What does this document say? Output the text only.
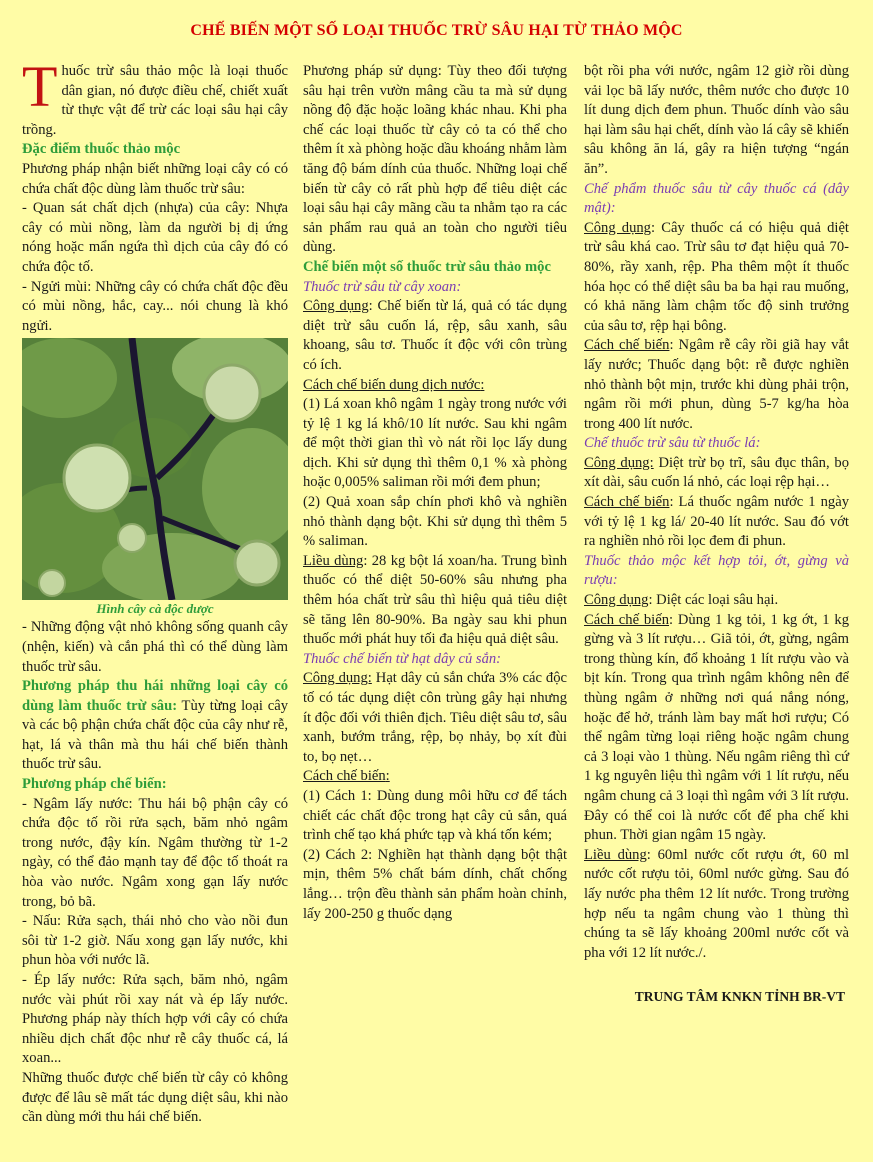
CHẾ BIẾN MỘT SỐ LOẠI THUỐC TRỪ SÂU HẠI TỪ THẢO MỘC

Thuốc trừ sâu thảo mộc là loại thuốc dân gian, nó được điều chế, chiết xuất từ thực vật để trừ các loại sâu hại cây trồng.

Đặc điểm thuốc thảo mộc

Phương pháp nhận biết những loại cây có có chứa chất độc dùng làm thuốc trừ sâu:

- Quan sát chất dịch (nhựa) của cây: Nhựa cây có mùi nồng, làm da người bị dị ứng nóng hoặc mẩn ngứa thì dịch của cây đó có chứa độc tố.

- Ngửi mùi: Những cây có chứa chất độc đều có mùi nồng, hắc, cay... nói chung là khó ngửi.

Hình cây cà độc dược

- Những động vật nhỏ không sống quanh cây (nhện, kiến) và cắn phá thì có thể dùng làm thuốc trừ sâu.

Phương pháp thu hái những loại cây có dùng làm thuốc trừ sâu: Tùy từng loại cây và các bộ phận chứa chất độc của cây như rễ, hạt, lá và thân mà thu hái chế biến thành thuốc trừ sâu.

Phương pháp chế biến:

- Ngâm lấy nước: Thu hái bộ phận cây có chứa độc tố rồi rửa sạch, băm nhỏ ngâm trong nước, đậy kín. Ngâm thường từ 1-2 ngày, có thể đảo mạnh tay để độc tố thoát ra hòa vào nước. Ngâm xong gạn lấy nước trong, bỏ bã.

- Nấu: Rửa sạch, thái nhỏ cho vào nồi đun sôi từ 1-2 giờ. Nấu xong gạn lấy nước, khi phun hòa với nước lã.

- Ép lấy nước: Rửa sạch, băm nhỏ, ngâm nước vài phút rồi xay nát và ép lấy nước. Phương pháp này thích hợp với cây có chứa nhiều dịch chất độc như rễ cây thuốc cá, lá xoan...

Những thuốc được chế biến từ cây cỏ không được để lâu sẽ mất tác dụng diệt sâu, khi nào cần dùng mới thu hái chế biến.

Phương pháp sử dụng: Tùy theo đối tượng sâu hại trên vườn mâng cầu ta mà sử dụng nồng độ đặc hoặc loãng khác nhau. Khi pha chế các loại thuốc từ cây cỏ ta có thể cho thêm ít xà phòng hoặc dầu khoáng nhằm làm tăng độ bám dính của thuốc. Những loại chế biến từ cây cỏ rất phù hợp để tiêu diệt các loại sâu hại cây mãng cầu ta nhằm tạo ra các sản phẩm rau quả an toàn cho người tiêu dùng.

Chế biến một số thuốc trừ sâu thảo mộc

Thuốc trừ sâu từ cây xoan:

Công dụng: Chế biến từ lá, quả có tác dụng diệt trừ sâu cuốn lá, rệp, sâu xanh, sâu khoang, sâu tơ. Thuốc ít độc với côn trùng có ích.

Cách chế biến dung dịch nước:

(1) Lá xoan khô ngâm 1 ngày trong nước với tỷ lệ 1 kg lá khô/10 lít nước. Sau khi ngâm để một thời gian thì vò nát rồi lọc lấy dung dịch. Khi sử dụng thì thêm 0,1 % xà phòng hoặc 0,005% saliman rồi mới đem phun;

(2) Quả xoan sắp chín phơi khô và nghiền nhỏ thành dạng bột. Khi sử dụng thì thêm 5 % saliman.

Liều dùng: 28 kg bột lá xoan/ha. Trung bình thuốc có thể diệt 50-60% sâu nhưng pha thêm hóa chất trừ sâu thì hiệu quả tiêu diệt sẽ tăng lên 80-90%. Ba ngày sau khi phun thuốc mới phát huy tối đa hiệu quả diệt sâu.

Thuốc chế biến từ hạt dây củ sắn:

Công dụng: Hạt dây củ sắn chứa 3% các độc tố có tác dụng diệt côn trùng gây hại nhưng ít độc đối với thiên địch. Tiêu diệt sâu tơ, sâu xanh, bướm trắng, rệp, bọ nhảy, bọ xít đùi to, bọ nẹt…

Cách chế biến:

(1) Cách 1: Dùng dung môi hữu cơ để tách chiết các chất độc trong hạt cây củ sắn, quá trình chế tạo khá phức tạp và khá tốn kém;

(2) Cách 2: Nghiền hạt thành dạng bột thật mịn, thêm 5% chất bám dính, chất chống lắng… trộn đều thành sản phẩm hoàn chỉnh, lấy 200-250 g thuốc dạng

bột rồi pha với nước, ngâm 12 giờ rồi dùng vải lọc bã lấy nước, thêm nước cho được 10 lít dung dịch đem phun. Thuốc dính vào sâu hại làm sâu hại chết, dính vào lá cây sẽ khiến sâu không ăn lá, gây ra hiện tượng “ngán ăn”.

Chế phẩm thuốc sâu từ cây thuốc cá (dây mật):

Công dụng: Cây thuốc cá có hiệu quả diệt trừ sâu khá cao. Trừ sâu tơ đạt hiệu quả 70-80%, rầy xanh, rệp. Pha thêm một ít thuốc hóa học có thể diệt sâu ba ba hại rau muống, có khả năng làm chậm tốc độ sinh trưởng của sâu tơ, rệp hại bông.

Cách chế biến: Ngâm rễ cây rồi giã hay vắt lấy nước; Thuốc dạng bột: rễ được nghiền nhỏ thành bột mịn, trước khi dùng phải trộn, ngâm rồi mới phun, dùng 5-7 kg/ha hòa trong 400 lít nước.

Chế thuốc trừ sâu từ thuốc lá:

Công dụng: Diệt trừ bọ trĩ, sâu đục thân, bọ xít dài, sâu cuốn lá nhỏ, các loại rệp hại…

Cách chế biến: Lá thuốc ngâm nước 1 ngày với tỷ lệ 1 kg lá/ 20-40 lít nước. Sau đó vớt ra nghiền nhỏ rồi lọc đem đi phun.

Thuốc thảo mộc kết hợp tỏi, ớt, gừng và rượu:

Công dụng: Diệt các loại sâu hại.

Cách chế biến: Dùng 1 kg tỏi, 1 kg ớt, 1 kg gừng và 3 lít rượu… Giã tỏi, ớt, gừng, ngâm trong thùng kín, đổ khoảng 1 lít rượu vào và bịt kín. Trong qua trình ngâm không nên để thùng ngâm ở những nơi quá nắng nóng, hoặc để hở, tránh làm bay mất hơi rượu; Có thể ngâm từng loại riêng hoặc ngâm chung cả 3 loại vào 1 thùng. Nếu ngâm riêng thì cứ 1 kg nguyên liệu thì ngâm với 1 lít rượu, nếu ngâm chung cả 3 loại thì ngâm với 3 lít rượu. Đây có thể coi là nước cốt để pha chế khi phun. Thời gian ngâm 15 ngày.

Liều dùng: 60ml nước cốt rượu ớt, 60 ml nước cốt rượu tỏi, 60ml nước gừng. Sau đó lấy nước pha thêm 12 lít nước. Trong trường hợp nếu ta ngâm chung vào 1 thùng thì chúng ta sẽ lấy khoảng 200ml nước cốt và pha với 12 lít nước./.

TRUNG TÂM KNKN TỈNH BR-VT
